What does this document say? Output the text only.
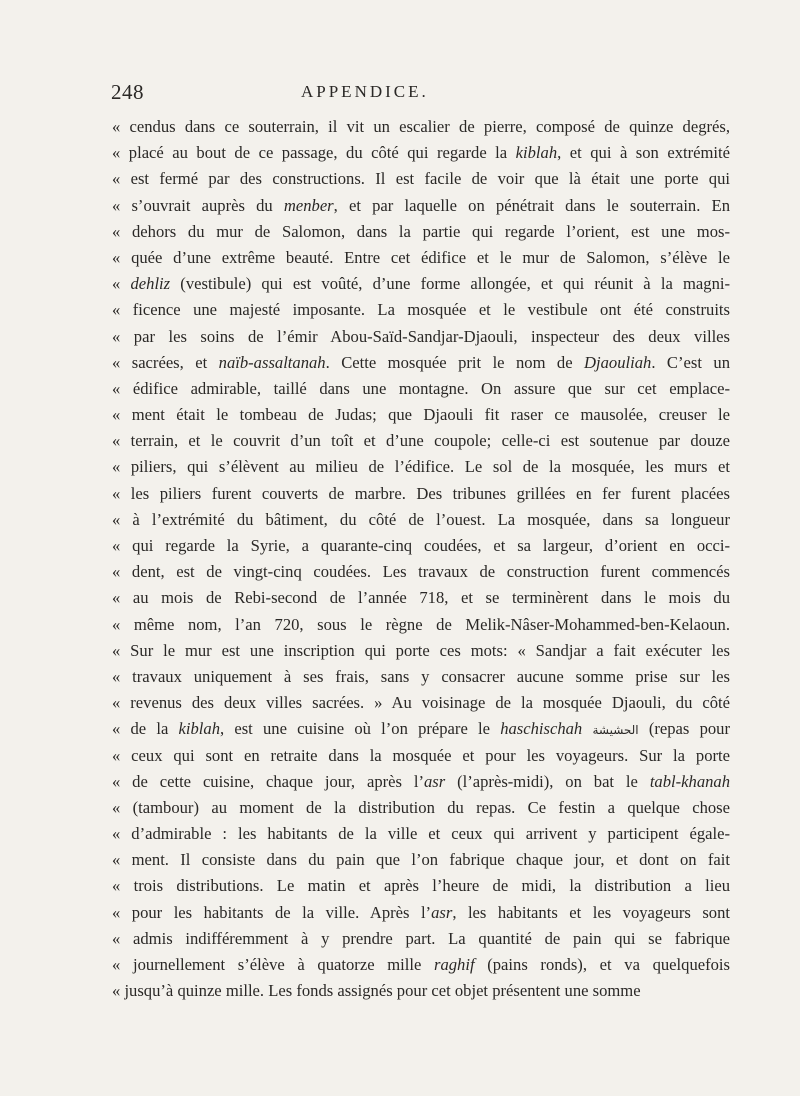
248	APPENDICE.
« cendus dans ce souterrain, il vit un escalier de pierre, composé de quinze degrés,
« placé au bout de ce passage, du côté qui regarde la kiblah, et qui à son extrémité
« est fermé par des constructions. Il est facile de voir que là était une porte qui
« s’ouvrait auprès du menber, et par laquelle on pénétrait dans le souterrain. En
« dehors du mur de Salomon, dans la partie qui regarde l’orient, est une mos-
« quée d’une extrême beauté. Entre cet édifice et le mur de Salomon, s’élève le
« dehliz (vestibule) qui est voûté, d’une forme allongée, et qui réunit à la magni-
« ficence une majesté imposante. La mosquée et le vestibule ont été construits
« par les soins de l’émir Abou-Saïd-Sandjar-Djaouli, inspecteur des deux villes
« sacrées, et naïb-assaltanah. Cette mosquée prit le nom de Djaouliah. C’est un
« édifice admirable, taillé dans une montagne. On assure que sur cet emplace-
« ment était le tombeau de Judas; que Djaouli fit raser ce mausolée, creuser le
« terrain, et le couvrit d’un toît et d’une coupole; celle-ci est soutenue par douze
« piliers, qui s’élèvent au milieu de l’édifice. Le sol de la mosquée, les murs et
« les piliers furent couverts de marbre. Des tribunes grillées en fer furent placées
« à l’extrémité du bâtiment, du côté de l’ouest. La mosquée, dans sa longueur
« qui regarde la Syrie, a quarante-cinq coudées, et sa largeur, d’orient en occi-
« dent, est de vingt-cinq coudées. Les travaux de construction furent commencés
« au mois de Rebi-second de l’année 718, et se terminèrent dans le mois du
« même nom, l’an 720, sous le règne de Melik-Nâser-Mohammed-ben-Kelaoun.
« Sur le mur est une inscription qui porte ces mots: « Sandjar a fait exécuter les
« travaux uniquement à ses frais, sans y consacrer aucune somme prise sur les
« revenus des deux villes sacrées. » Au voisinage de la mosquée Djaouli, du côté
« de la kiblah, est une cuisine où l’on prépare le haschischah الحشيشة (repas pour
« ceux qui sont en retraite dans la mosquée et pour les voyageurs. Sur la porte
« de cette cuisine, chaque jour, après l’asr (l’après-midi), on bat le tabl-khanah
« (tambour) au moment de la distribution du repas. Ce festin a quelque chose
« d’admirable : les habitants de la ville et ceux qui arrivent y participent égale-
« ment. Il consiste dans du pain que l’on fabrique chaque jour, et dont on fait
« trois distributions. Le matin et après l’heure de midi, la distribution a lieu
« pour les habitants de la ville. Après l’asr, les habitants et les voyageurs sont
« admis indifféremment à y prendre part. La quantité de pain qui se fabrique
« journellement s’élève à quatorze mille raghif (pains ronds), et va quelquefois
« jusqu’à quinze mille. Les fonds assignés pour cet objet présentent une somme
